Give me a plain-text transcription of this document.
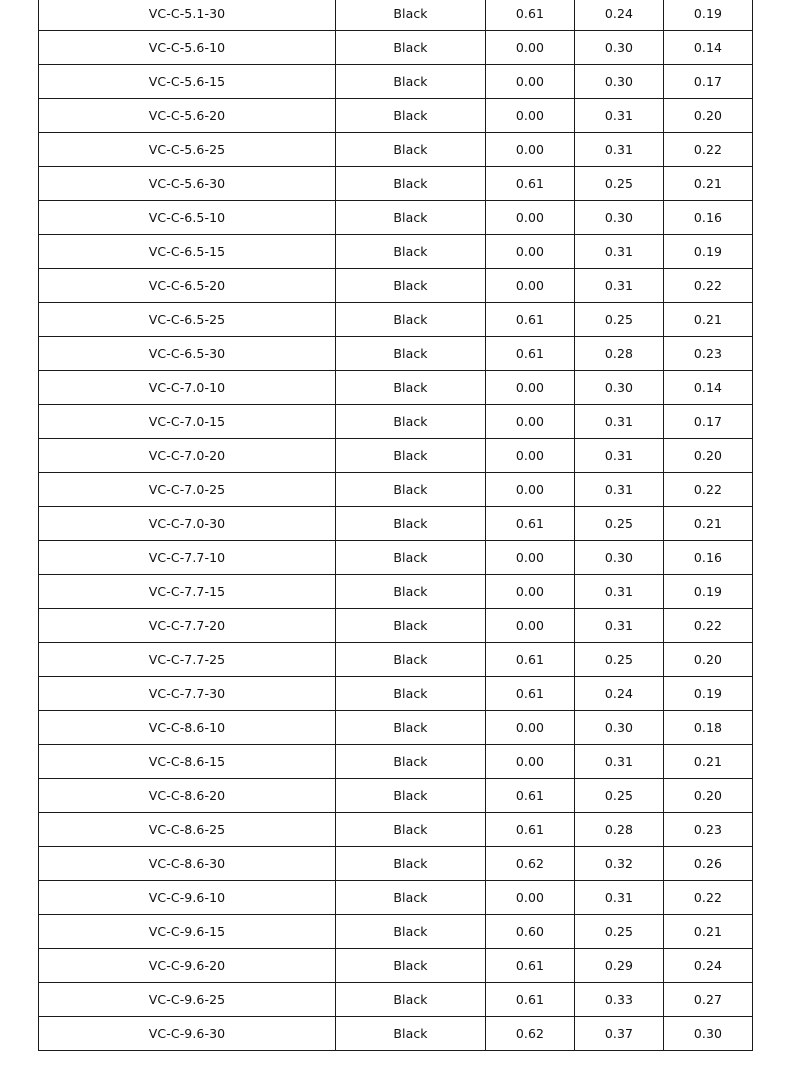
VC-C-5.1-30	Black	0.61	0.24	0.19
VC-C-5.6-10	Black	0.00	0.30	0.14
VC-C-5.6-15	Black	0.00	0.30	0.17
VC-C-5.6-20	Black	0.00	0.31	0.20
VC-C-5.6-25	Black	0.00	0.31	0.22
VC-C-5.6-30	Black	0.61	0.25	0.21
VC-C-6.5-10	Black	0.00	0.30	0.16
VC-C-6.5-15	Black	0.00	0.31	0.19
VC-C-6.5-20	Black	0.00	0.31	0.22
VC-C-6.5-25	Black	0.61	0.25	0.21
VC-C-6.5-30	Black	0.61	0.28	0.23
VC-C-7.0-10	Black	0.00	0.30	0.14
VC-C-7.0-15	Black	0.00	0.31	0.17
VC-C-7.0-20	Black	0.00	0.31	0.20
VC-C-7.0-25	Black	0.00	0.31	0.22
VC-C-7.0-30	Black	0.61	0.25	0.21
VC-C-7.7-10	Black	0.00	0.30	0.16
VC-C-7.7-15	Black	0.00	0.31	0.19
VC-C-7.7-20	Black	0.00	0.31	0.22
VC-C-7.7-25	Black	0.61	0.25	0.20
VC-C-7.7-30	Black	0.61	0.24	0.19
VC-C-8.6-10	Black	0.00	0.30	0.18
VC-C-8.6-15	Black	0.00	0.31	0.21
VC-C-8.6-20	Black	0.61	0.25	0.20
VC-C-8.6-25	Black	0.61	0.28	0.23
VC-C-8.6-30	Black	0.62	0.32	0.26
VC-C-9.6-10	Black	0.00	0.31	0.22
VC-C-9.6-15	Black	0.60	0.25	0.21
VC-C-9.6-20	Black	0.61	0.29	0.24
VC-C-9.6-25	Black	0.61	0.33	0.27
VC-C-9.6-30	Black	0.62	0.37	0.30
